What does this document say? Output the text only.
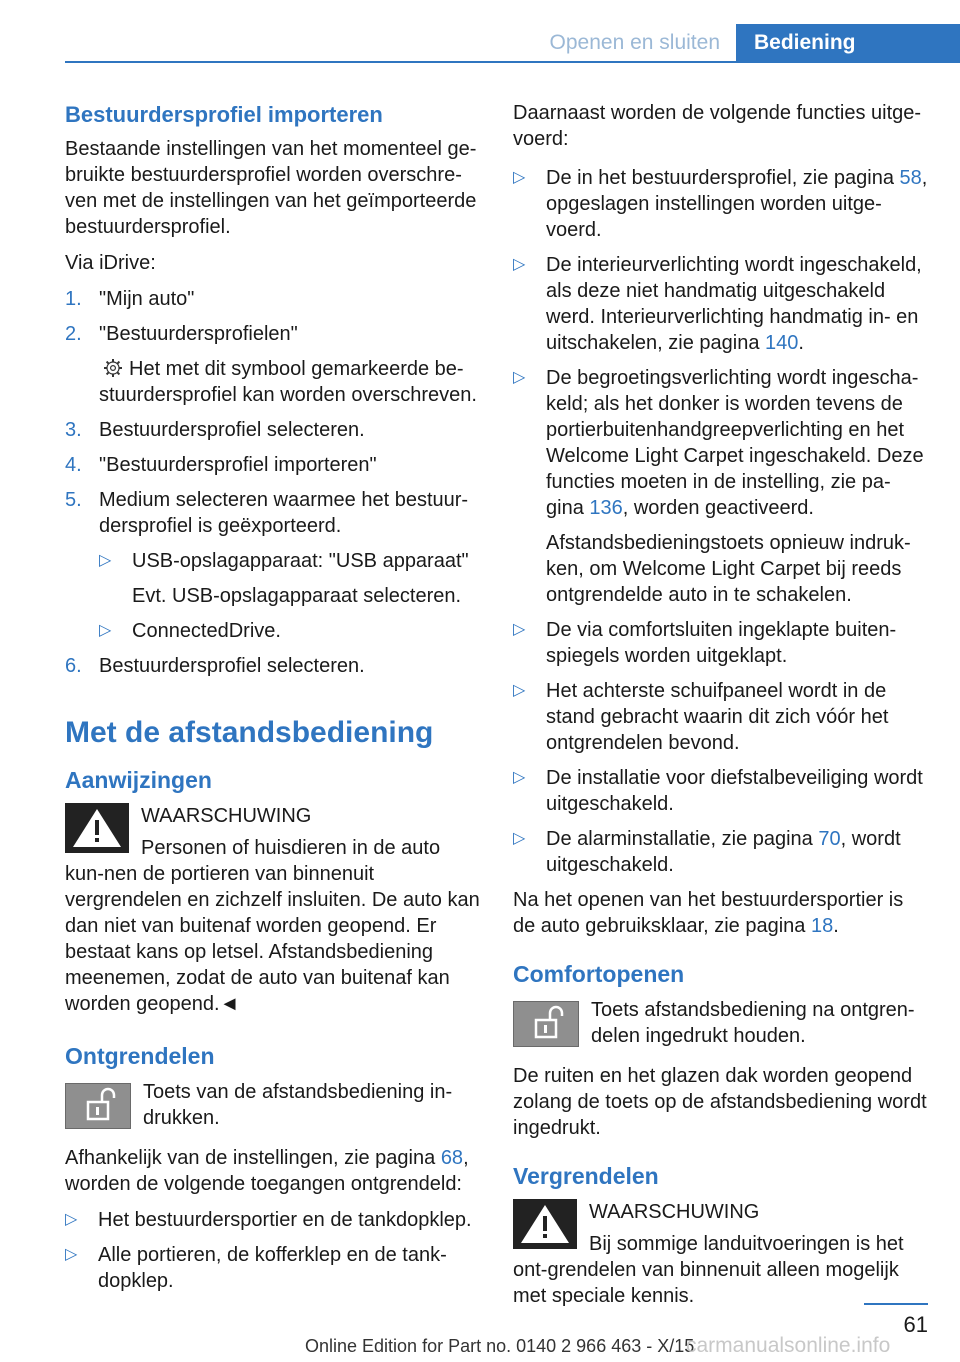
Openen en sluiten	Bediening
Bestuurdersprofiel importeren

Bestaande instellingen van het momenteel ge-bruikte bestuurdersprofiel worden overschre-ven met de instellingen van het geïmporteerde bestuurdersprofiel.

Via iDrive:

1. "Mijn auto"
2. "Bestuurdersprofielen"
Het met dit symbool gemarkeerde be-stuurdersprofiel kan worden overschreven.
3. Bestuurdersprofiel selecteren.
4. "Bestuurdersprofiel importeren"
5. Medium selecteren waarmee het bestuur-dersprofiel is geëxporteerd.
▷	USB-opslagapparaat: "USB apparaat"
Evt. USB-opslagapparaat selecteren.
▷	ConnectedDrive.
6. Bestuurdersprofiel selecteren.
Met de afstandsbediening
Aanwijzingen
WAARSCHUWING
Personen of huisdieren in de auto kun-nen de portieren van binnenuit vergrendelen en zichzelf insluiten. De auto kan dan niet van buitenaf worden geopend. Er bestaat kans op letsel. Afstandsbediening meenemen, zodat de auto van buitenaf kan worden geopend.◄
Ontgrendelen
Toets van de afstandsbediening in-drukken.

Afhankelijk van de instellingen, zie pagina 68, worden de volgende toegangen ontgrendeld:

▷	Het bestuurdersportier en de tankdopklep.
▷	Alle portieren, de kofferklep en de tank-dopklep.

Daarnaast worden de volgende functies uitge-voerd:

▷	De in het bestuurdersprofiel, zie pagina 58, opgeslagen instellingen worden uitge-voerd.
▷	De interieurverlichting wordt ingeschakeld, als deze niet handmatig uitgeschakeld werd. Interieurverlichting handmatig in- en uitschakelen, zie pagina 140.
▷	De begroetingsverlichting wordt ingescha-keld; als het donker is worden tevens de portierbuitenhandgreepverlichting en het Welcome Light Carpet ingeschakeld. Deze functies moeten in de instelling, zie pa-gina 136, worden geactiveerd.
Afstandsbedieningstoets opnieuw indruk-ken, om Welcome Light Carpet bij reeds ontgrendelde auto in te schakelen.
▷	De via comfortsluiten ingeklapte buiten-spiegels worden uitgeklapt.
▷	Het achterste schuifpaneel wordt in de stand gebracht waarin dit zich vóór het ontgrendelen bevond.
▷	De installatie voor diefstalbeveiliging wordt uitgeschakeld.
▷	De alarminstallatie, zie pagina 70, wordt uitgeschakeld.

Na het openen van het bestuurdersportier is de auto gebruiksklaar, zie pagina 18.

Comfortopenen
Toets afstandsbediening na ontgren-delen ingedrukt houden.

De ruiten en het glazen dak worden geopend zolang de toets op de afstandsbediening wordt ingedrukt.

Vergrendelen
WAARSCHUWING
Bij sommige landuitvoeringen is het ont-grendelen van binnenuit alleen mogelijk met speciale kennis.
61
Online Edition for Part no. 0140 2 966 463 - X/15
carmanualsonline.info
